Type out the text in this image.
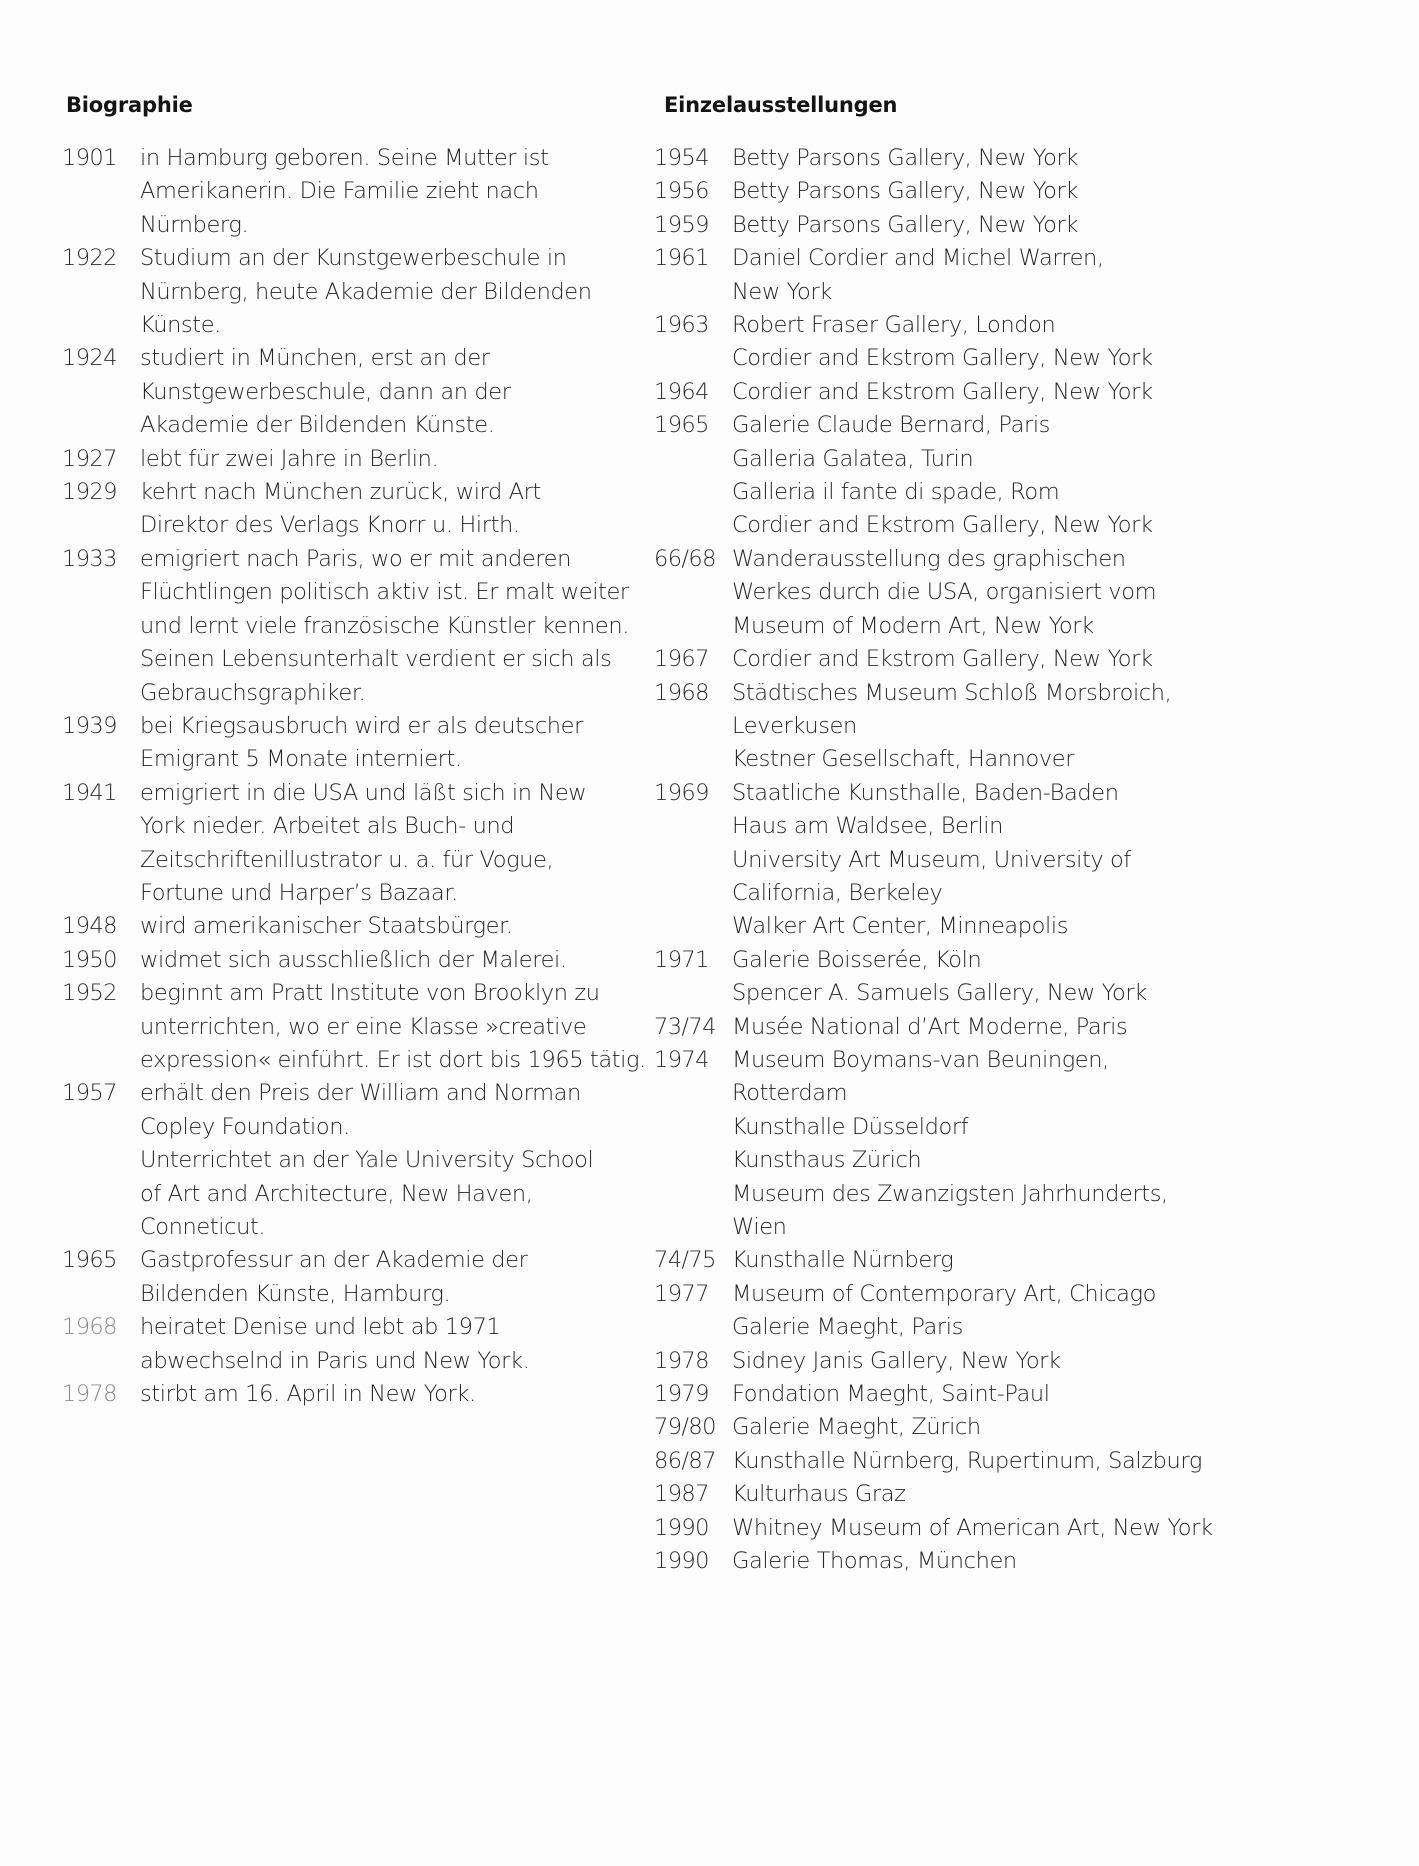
Biographie
1901	in Hamburg geboren. Seine Mutter ist
Amerikanerin. Die Familie zieht nach
Nürnberg.
1922	Studium an der Kunstgewerbeschule in
Nürnberg, heute Akademie der Bildenden
Künste.
1924	studiert in München, erst an der
Kunstgewerbeschule, dann an der
Akademie der Bildenden Künste.
1927	lebt für zwei Jahre in Berlin.
1929	kehrt nach München zurück, wird Art
Direktor des Verlags Knorr u. Hirth.
1933	emigriert nach Paris, wo er mit anderen
Flüchtlingen politisch aktiv ist. Er malt weiter
und lernt viele französische Künstler kennen.
Seinen Lebensunterhalt verdient er sich als
Gebrauchsgraphiker.
1939	bei Kriegsausbruch wird er als deutscher
Emigrant 5 Monate interniert.
1941	emigriert in die USA und läßt sich in New
York nieder. Arbeitet als Buch- und
Zeitschriftenillustrator u. a. für Vogue,
Fortune und Harper’s Bazaar.
1948	wird amerikanischer Staatsbürger.
1950	widmet sich ausschließlich der Malerei.
1952	beginnt am Pratt Institute von Brooklyn zu
unterrichten, wo er eine Klasse »creative
expression« einführt. Er ist dort bis 1965 tätig.
1957	erhält den Preis der William and Norman
Copley Foundation.
Unterrichtet an der Yale University School
of Art and Architecture, New Haven,
Conneticut.
1965	Gastprofessur an der Akademie der
Bildenden Künste, Hamburg.
1968	heiratet Denise und lebt ab 1971
abwechselnd in Paris und New York.
1978	stirbt am 16. April in New York.
Einzelausstellungen
1954	Betty Parsons Gallery, New York
1956	Betty Parsons Gallery, New York
1959	Betty Parsons Gallery, New York
1961	Daniel Cordier and Michel Warren,
New York
1963	Robert Fraser Gallery, London
Cordier and Ekstrom Gallery, New York
1964	Cordier and Ekstrom Gallery, New York
1965	Galerie Claude Bernard, Paris
Galleria Galatea, Turin
Galleria il fante di spade, Rom
Cordier and Ekstrom Gallery, New York
66/68 Wanderausstellung des graphischen
Werkes durch die USA, organisiert vom
Museum of Modern Art, New York
1967	Cordier and Ekstrom Gallery, New York
1968	Städtisches Museum Schloß Morsbroich,
Leverkusen
Kestner Gesellschaft, Hannover
1969	Staatliche Kunsthalle, Baden-Baden
Haus am Waldsee, Berlin
University Art Museum, University of
California, Berkeley
Walker Art Center, Minneapolis
1971	Galerie Boisserée, Köln
Spencer A. Samuels Gallery, New York
73/74 Musée National d’Art Moderne, Paris
1974	Museum Boymans-van Beuningen,
Rotterdam
Kunsthalle Düsseldorf
Kunsthaus Zürich
Museum des Zwanzigsten Jahrhunderts,
Wien
74/75 Kunsthalle Nürnberg
1977	Museum of Contemporary Art, Chicago
Galerie Maeght, Paris
1978	Sidney Janis Gallery, New York
1979	Fondation Maeght, Saint-Paul
79/80 Galerie Maeght, Zürich
86/87 Kunsthalle Nürnberg, Rupertinum, Salzburg
1987	Kulturhaus Graz
1990	Whitney Museum of American Art, New York
1990	Galerie Thomas, München
